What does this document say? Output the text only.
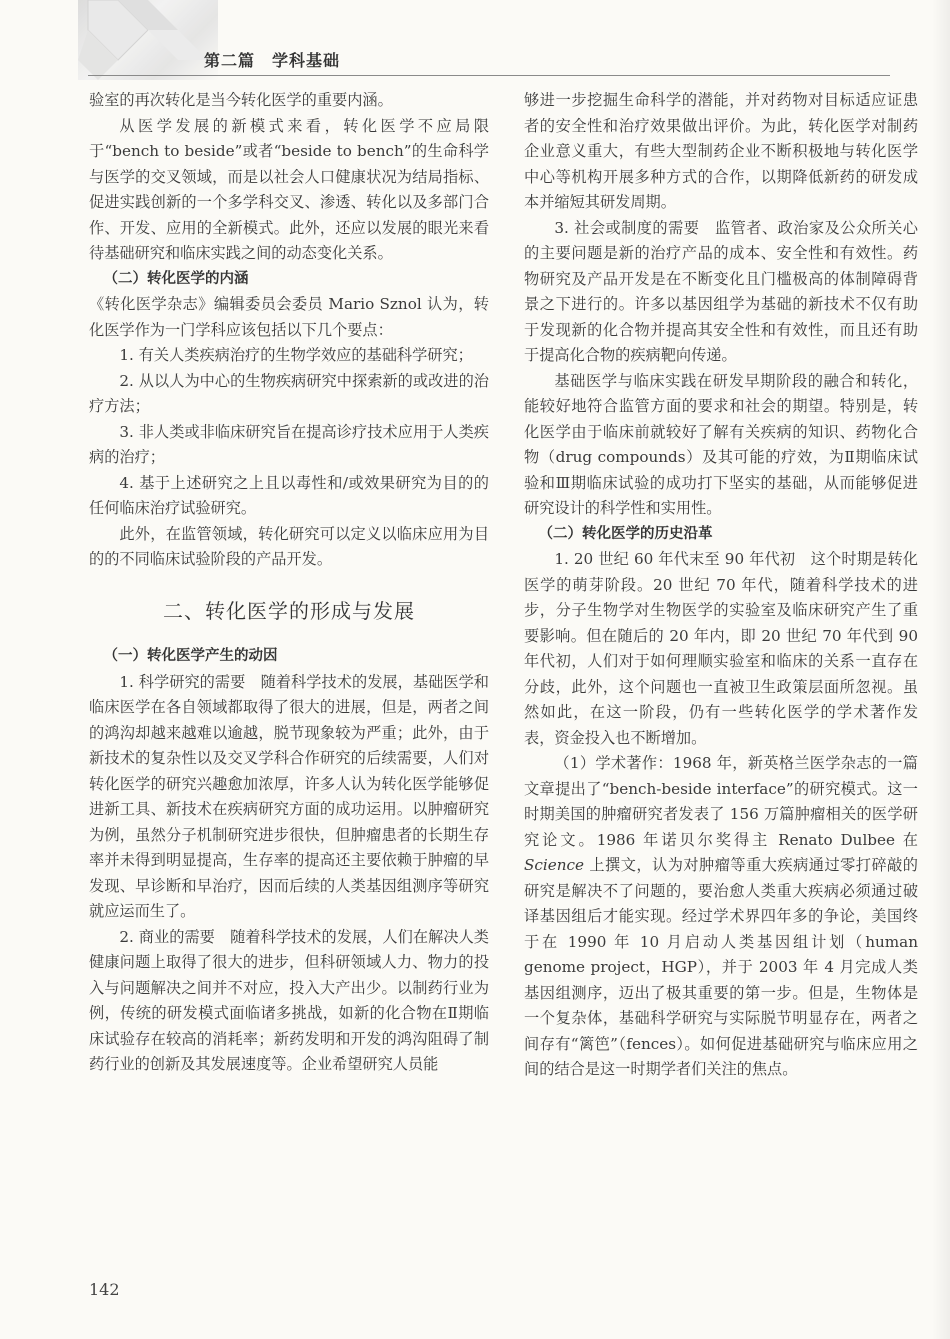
第二篇　学科基础

验室的再次转化是当今转化医学的重要内涵。

从医学发展的新模式来看，转化医学不应局限于“bench to beside”或者“beside to bench”的生命科学与医学的交叉领域，而是以社会人口健康状况为结局指标、促进实践创新的一个多学科交叉、渗透、转化以及多部门合作、开发、应用的全新模式。此外，还应以发展的眼光来看待基础研究和临床实践之间的动态变化关系。

（二）转化医学的内涵

《转化医学杂志》编辑委员会委员 Mario Sznol 认为，转化医学作为一门学科应该包括以下几个要点：

1. 有关人类疾病治疗的生物学效应的基础科学研究；

2. 从以人为中心的生物疾病研究中探索新的或改进的治疗方法；

3. 非人类或非临床研究旨在提高诊疗技术应用于人类疾病的治疗；

4. 基于上述研究之上且以毒性和/或效果研究为目的的任何临床治疗试验研究。

此外，在监管领域，转化研究可以定义以临床应用为目的的不同临床试验阶段的产品开发。

二、转化医学的形成与发展
（一）转化医学产生的动因

1. 科学研究的需要　随着科学技术的发展，基础医学和临床医学在各自领域都取得了很大的进展，但是，两者之间的鸿沟却越来越难以逾越，脱节现象较为严重；此外，由于新技术的复杂性以及交叉学科合作研究的后续需要，人们对转化医学的研究兴趣愈加浓厚，许多人认为转化医学能够促进新工具、新技术在疾病研究方面的成功运用。以肿瘤研究为例，虽然分子机制研究进步很快，但肿瘤患者的长期生存率并未得到明显提高，生存率的提高还主要依赖于肿瘤的早发现、早诊断和早治疗，因而后续的人类基因组测序等研究就应运而生了。

2. 商业的需要　随着科学技术的发展，人们在解决人类健康问题上取得了很大的进步，但科研领域人力、物力的投入与问题解决之间并不对应，投入大产出少。以制药行业为例，传统的研发模式面临诸多挑战，如新的化合物在Ⅱ期临床试验存在较高的消耗率；新药发明和开发的鸿沟阻碍了制药行业的创新及其发展速度等。企业希望研究人员能

够进一步挖掘生命科学的潜能，并对药物对目标适应证患者的安全性和治疗效果做出评价。为此，转化医学对制药企业意义重大，有些大型制药企业不断积极地与转化医学中心等机构开展多种方式的合作，以期降低新药的研发成本并缩短其研发周期。

3. 社会或制度的需要　监管者、政治家及公众所关心的主要问题是新的治疗产品的成本、安全性和有效性。药物研究及产品开发是在不断变化且门槛极高的体制障碍背景之下进行的。许多以基因组学为基础的新技术不仅有助于发现新的化合物并提高其安全性和有效性，而且还有助于提高化合物的疾病靶向传递。

基础医学与临床实践在研发早期阶段的融合和转化，能较好地符合监管方面的要求和社会的期望。特别是，转化医学由于临床前就较好了解有关疾病的知识、药物化合物（drug compounds）及其可能的疗效，为Ⅱ期临床试验和Ⅲ期临床试验的成功打下坚实的基础，从而能够促进研究设计的科学性和实用性。

（二）转化医学的历史沿革

1. 20 世纪 60 年代末至 90 年代初　这个时期是转化医学的萌芽阶段。20 世纪 70 年代，随着科学技术的进步，分子生物学对生物医学的实验室及临床研究产生了重要影响。但在随后的 20 年内，即 20 世纪 70 年代到 90 年代初，人们对于如何理顺实验室和临床的关系一直存在分歧，此外，这个问题也一直被卫生政策层面所忽视。虽然如此，在这一阶段，仍有一些转化医学的学术著作发表，资金投入也不断增加。

（1）学术著作：1968 年，新英格兰医学杂志的一篇文章提出了“bench-beside interface”的研究模式。这一时期美国的肿瘤研究者发表了 156 万篇肿瘤相关的医学研究论文。1986 年诺贝尔奖得主 Renato Dulbee 在 Science 上撰文，认为对肿瘤等重大疾病通过零打碎敲的研究是解决不了问题的，要治愈人类重大疾病必须通过破译基因组后才能实现。经过学术界四年多的争论，美国终于在 1990 年 10 月启动人类基因组计划（human genome project，HGP），并于 2003 年 4 月完成人类基因组测序，迈出了极其重要的第一步。但是，生物体是一个复杂体，基础科学研究与实际脱节明显存在，两者之间存有“篱笆”（fences）。如何促进基础研究与临床应用之间的结合是这一时期学者们关注的焦点。

142
